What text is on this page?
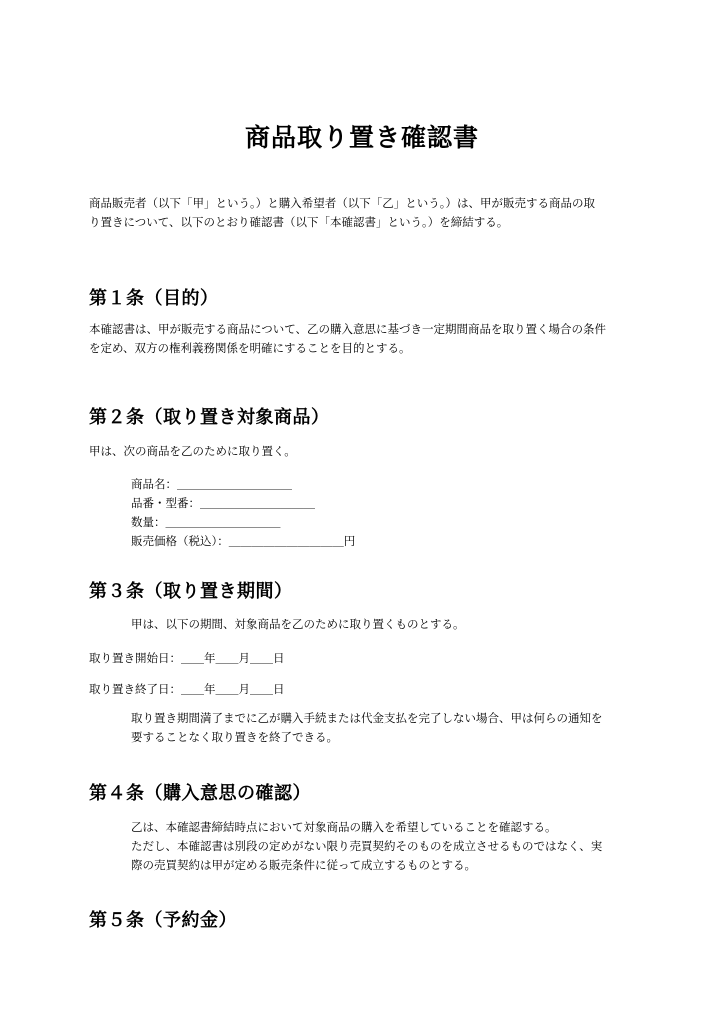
商品取り置き確認書
商品販売者（以下「甲」という。）と購入希望者（以下「乙」という。）は、甲が販売する商品の取
り置きについて、以下のとおり確認書（以下「本確認書」という。）を締結する。
第１条（目的）
本確認書は、甲が販売する商品について、乙の購入意思に基づき一定期間商品を取り置く場合の条件
を定め、双方の権利義務関係を明確にすることを目的とする。
第２条（取り置き対象商品）
甲は、次の商品を乙のために取り置く。
商品名：＿＿＿＿＿＿＿＿＿＿
品番・型番：＿＿＿＿＿＿＿＿＿＿
数量：＿＿＿＿＿＿＿＿＿＿
販売価格（税込）：＿＿＿＿＿＿＿＿＿＿円
第３条（取り置き期間）
甲は、以下の期間、対象商品を乙のために取り置くものとする。
取り置き開始日：＿＿年＿＿月＿＿日
取り置き終了日：＿＿年＿＿月＿＿日
取り置き期間満了までに乙が購入手続または代金支払を完了しない場合、甲は何らの通知を
要することなく取り置きを終了できる。
第４条（購入意思の確認）
乙は、本確認書締結時点において対象商品の購入を希望していることを確認する。
ただし、本確認書は別段の定めがない限り売買契約そのものを成立させるものではなく、実
際の売買契約は甲が定める販売条件に従って成立するものとする。
第５条（予約金）
